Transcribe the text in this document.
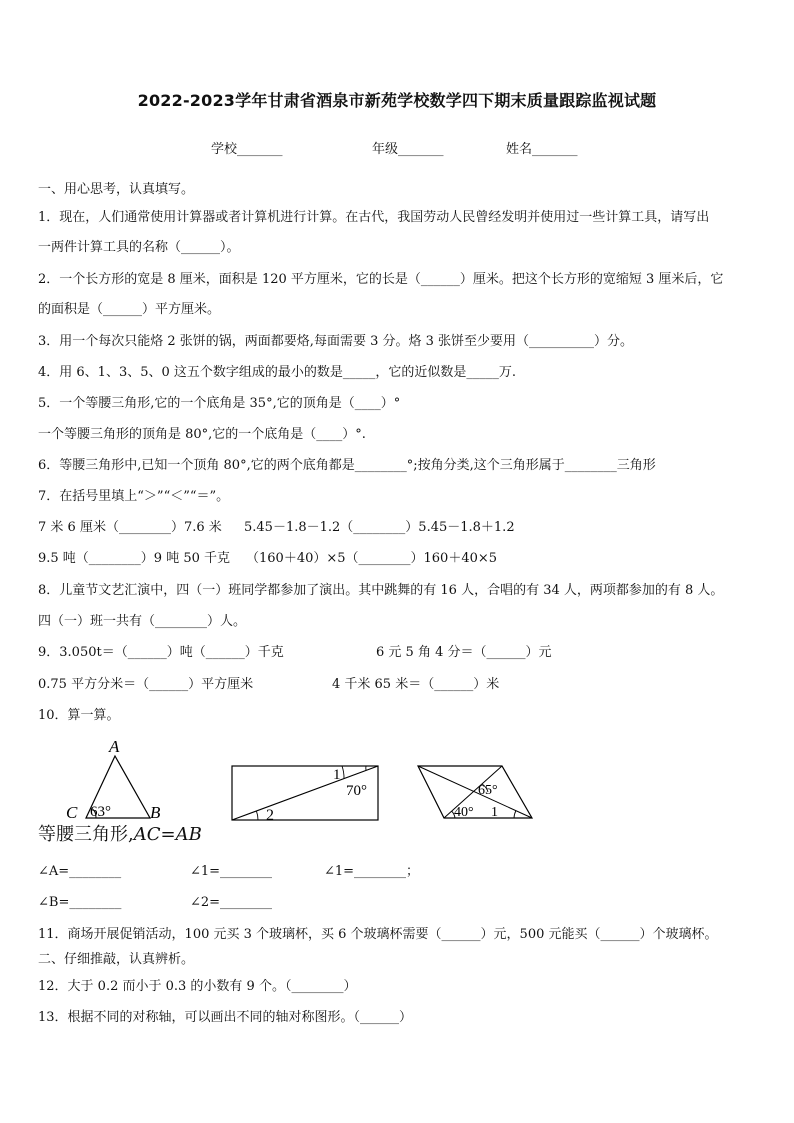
2022-2023学年甘肃省酒泉市新苑学校数学四下期末质量跟踪监视试题
学校_______	年级_______	姓名_______
一、用心思考，认真填写。
1．现在，人们通常使用计算器或者计算机进行计算。在古代，我国劳动人民曾经发明并使用过一些计算工具，请写出
一两件计算工具的名称（______）。
2．一个长方形的宽是 8 厘米，面积是 120 平方厘米，它的长是（______）厘米。把这个长方形的宽缩短 3 厘米后，它
的面积是（______）平方厘米。
3．用一个每次只能烙 2 张饼的锅，两面都要烙,每面需要 3 分。烙 3 张饼至少要用（__________）分。
4．用 6、1、3、5、0 这五个数字组成的最小的数是_____，它的近似数是_____万.
5．一个等腰三角形,它的一个底角是 35°,它的顶角是（____）°
一个等腰三角形的顶角是 80°,它的一个底角是（____）°.
6．等腰三角形中,已知一个顶角 80°,它的两个底角都是________°;按角分类,这个三角形属于________三角形
7．在括号里填上“＞”“＜”“＝”。
7 米 6 厘米（________）7.6 米 5.45－1.8－1.2（________）5.45－1.8＋1.2
9.5 吨（________）9 吨 50 千克 （160＋40）×5（________）160＋40×5
8．儿童节文艺汇演中，四（一）班同学都参加了演出。其中跳舞的有 16 人，合唱的有 34 人，两项都参加的有 8 人。
四（一）班一共有（________）人。
9．3.050t＝（______）吨（______）千克	6 元 5 角 4 分＝（______）元
0.75 平方分米＝（______）平方厘米	4 千米 65 米＝（______）米
10．算一算。
A
C	B
63°
1
70°
2
65°
40° 1
等腰三角形,AC=AB
∠A=________	∠1=________	∠1=________；
∠B=________	∠2=________
11．商场开展促销活动，100 元买 3 个玻璃杯，买 6 个玻璃杯需要（______）元，500 元能买（______）个玻璃杯。
二、仔细推敲，认真辨析。
12．大于 0.2 而小于 0.3 的小数有 9 个。（________）
13．根据不同的对称轴，可以画出不同的轴对称图形。（______）
